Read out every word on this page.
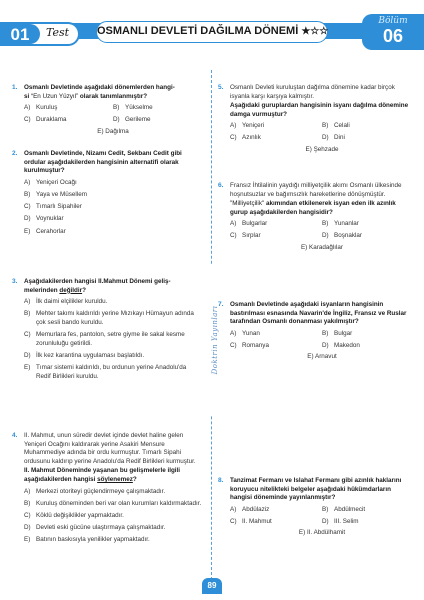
01	Test	OSMANLI DEVLETİ DAĞILMA DÖNEMİ ★☆☆
Bölüm
06
Doktrin Yayınları
1. Osmanlı Devletinde aşağıdaki dönemlerden hangi-
si “En Uzun Yüzyıl” olarak tanımlanmıştır?
A) Kuruluş	B) Yükselme
C) Duraklama	D) Gerileme
E) Dağılma
2. Osmanlı Devletinde, Nizamı Cedit, Sekbanı Cedit gibi ordular aşağıdakilerden hangisinin alternatifi olarak kurulmuştur?
A) Yeniçeri Ocağı
B) Yaya ve Müsellem
C) Tımarlı Sipahiler
D) Voynuklar
E) Cerahorlar
3. Aşağıdakilerden hangisi II.Mahmut Dönemi geliş-
melerinden değildir?
A) İlk daimi elçilikler kuruldu.
B) Mehter takımı kaldırıldı yerine Mızıkayı Hümayun adında çok sesli bando kuruldu.
C) Memurlara fes, pantolon, setre giyme ile sakal kesme zorunluluğu getirildi.
D) İlk kez karantina uygulaması başlatıldı.
E) Tımar sistemi kaldırıldı, bu ordunun yerine Anadolu'da Redif Birlikleri kuruldu.
4. II. Mahmut, unun süredir devlet içinde devlet haline gelen Yeniçeri Ocağını kaldırarak yerine Asakiri Mensure Muhammediye adında bir ordu kurmuştur. Tımarlı Sipahi ordusunu kaldırıp yerine Anadolu'da Redif Birlikleri kurmuştur.
II. Mahmut Döneminde yaşanan bu gelişmelerle ilgili aşağıdakilerden hangisi söylenemez?
A) Merkezi otoriteyi güçlendirmeye çalışmaktadır.
B) Kuruluş döneminden beri var olan kurumları kaldırmaktadır.
C) Köklü değişiklikler yapmaktadır.
D) Devleti eski gücüne ulaştırmaya çalışmaktadır.
E) Batının baskısıyla yenilikler yapmaktadır.
5. Osmanlı Devleti kuruluştan dağılma dönemine kadar birçok isyanla karşı karşıya kalmıştır.
Aşağıdaki guruplardan hangisinin isyanı dağılma dönemine damga vurmuştur?
A) Yeniçeri	B) Celali
C) Azınlık	D) Dini
E) Şehzade
6. Fransız İhtilalinin yaydığı milliyetçilik akımı Osmanlı ülkesinde hoşnutsuzlar ve bağımsızlık hareketlerine dönüşmüştür.
"Milliyetçilik" akımından etkilenerek isyan eden ilk azınlık gurup aşağıdakilerden hangisidir?
A) Bulgarlar	B) Yunanlar
C) Sırplar	D) Boşnaklar
E) Karadağlılar
7. Osmanlı Devletinde aşağıdaki isyanların hangisinin bastırılması esnasında Navarin'de İngiliz, Fransız ve Ruslar tarafından Osmanlı donanması yakılmıştır?
A) Yunan	B) Bulgar
C) Romanya	D) Makedon
E) Arnavut
8. Tanzimat Fermanı ve Islahat Fermanı gibi azınlık haklarını koruyucu nitelikteki belgeler aşağıdaki hükümdarların hangisi döneminde yayınlanmıştır?
A) Abdülaziz	B) Abdülmecit
C) II. Mahmut	D) III. Selim
E) II. Abdülhamit
89
